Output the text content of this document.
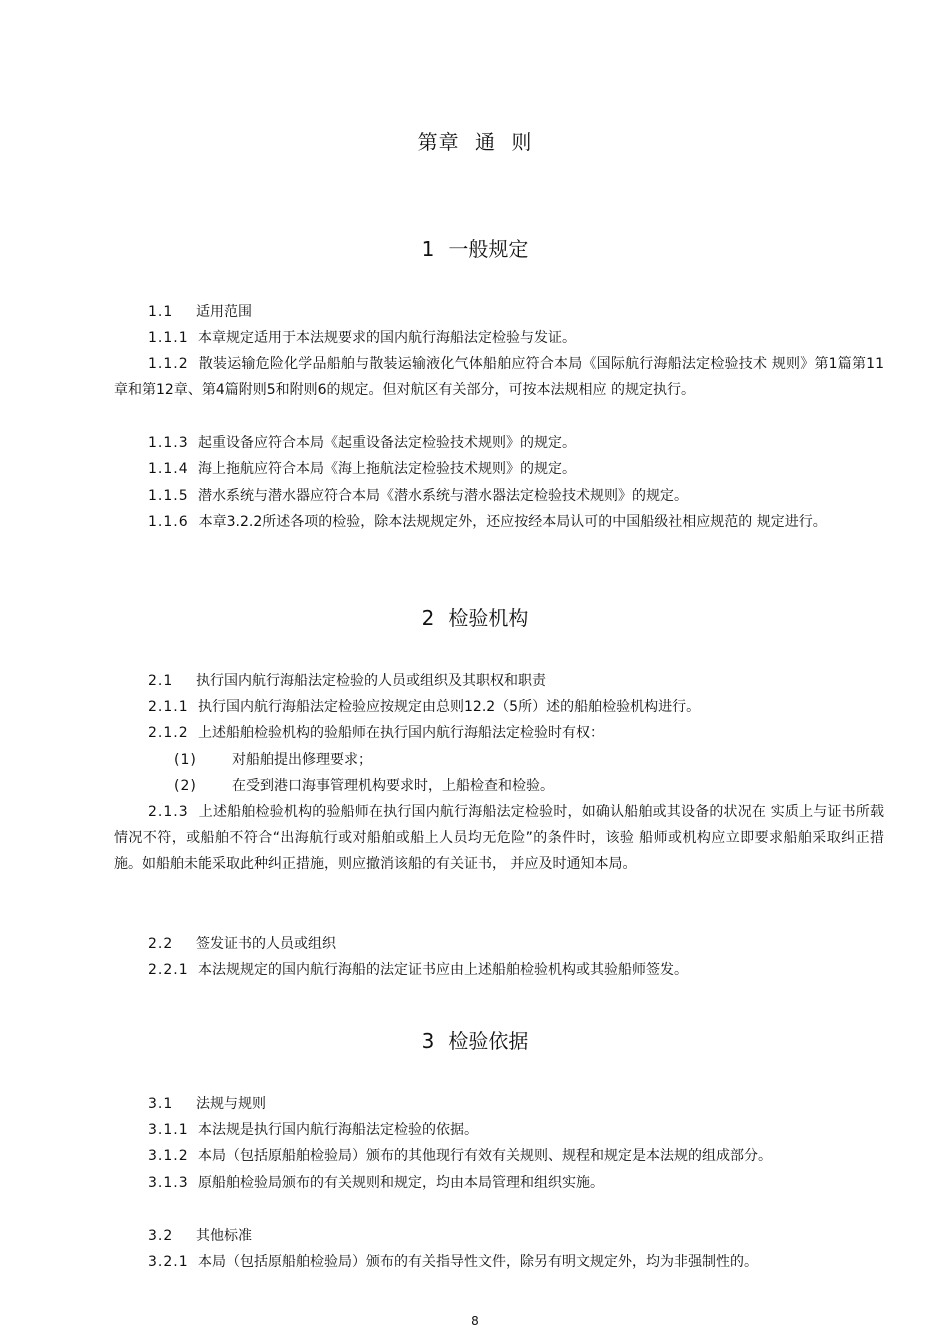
第章 通 则
1 一般规定
1.1 适用范围
1.1.1 本章规定适用于本法规要求的国内航行海船法定检验与发证。
1.1.2 散装运输危险化学品船舶与散装运输液化气体船舶应符合本局《国际航行海船法定检验技术 规则》第1篇第11章和第12章、第4篇附则5和附则6的规定。但对航区有关部分，可按本法规相应 的规定执行。
1.1.3 起重设备应符合本局《起重设备法定检验技术规则》的规定。
1.1.4 海上拖航应符合本局《海上拖航法定检验技术规则》的规定。
1.1.5 潜水系统与潜水器应符合本局《潜水系统与潜水器法定检验技术规则》的规定。
1.1.6 本章3.2.2所述各项的检验，除本法规规定外，还应按经本局认可的中国船级社相应规范的 规定进行。
2 检验机构
2.1 执行国内航行海船法定检验的人员或组织及其职权和职责
2.1.1 执行国内航行海船法定检验应按规定由总则12.2（5所）述的船舶检验机构进行。
2.1.2 上述船舶检验机构的验船师在执行国内航行海船法定检验时有权：
(1)	对船舶提出修理要求；
(2)	在受到港口海事管理机构要求时，上船检查和检验。
2.1.3 上述船舶检验机构的验船师在执行国内航行海船法定检验时，如确认船舶或其设备的状况在 实质上与证书所载情况不符，或船舶不符合“出海航行或对船舶或船上人员均无危险”的条件时，该验 船师或机构应立即要求船舶采取纠正措施。如船舶未能采取此种纠正措施，则应撤消该船的有关证书， 并应及时通知本局。
2.2 签发证书的人员或组织
2.2.1 本法规规定的国内航行海船的法定证书应由上述船舶检验机构或其验船师签发。
3 检验依据
3.1 法规与规则
3.1.1 本法规是执行国内航行海船法定检验的依据。
3.1.2 本局（包括原船舶检验局）颁布的其他现行有效有关规则、规程和规定是本法规的组成部分。
3.1.3 原船舶检验局颁布的有关规则和规定，均由本局管理和组织实施。
3.2 其他标准
3.2.1 本局（包括原船舶检验局）颁布的有关指导性文件，除另有明文规定外，均为非强制性的。
8
